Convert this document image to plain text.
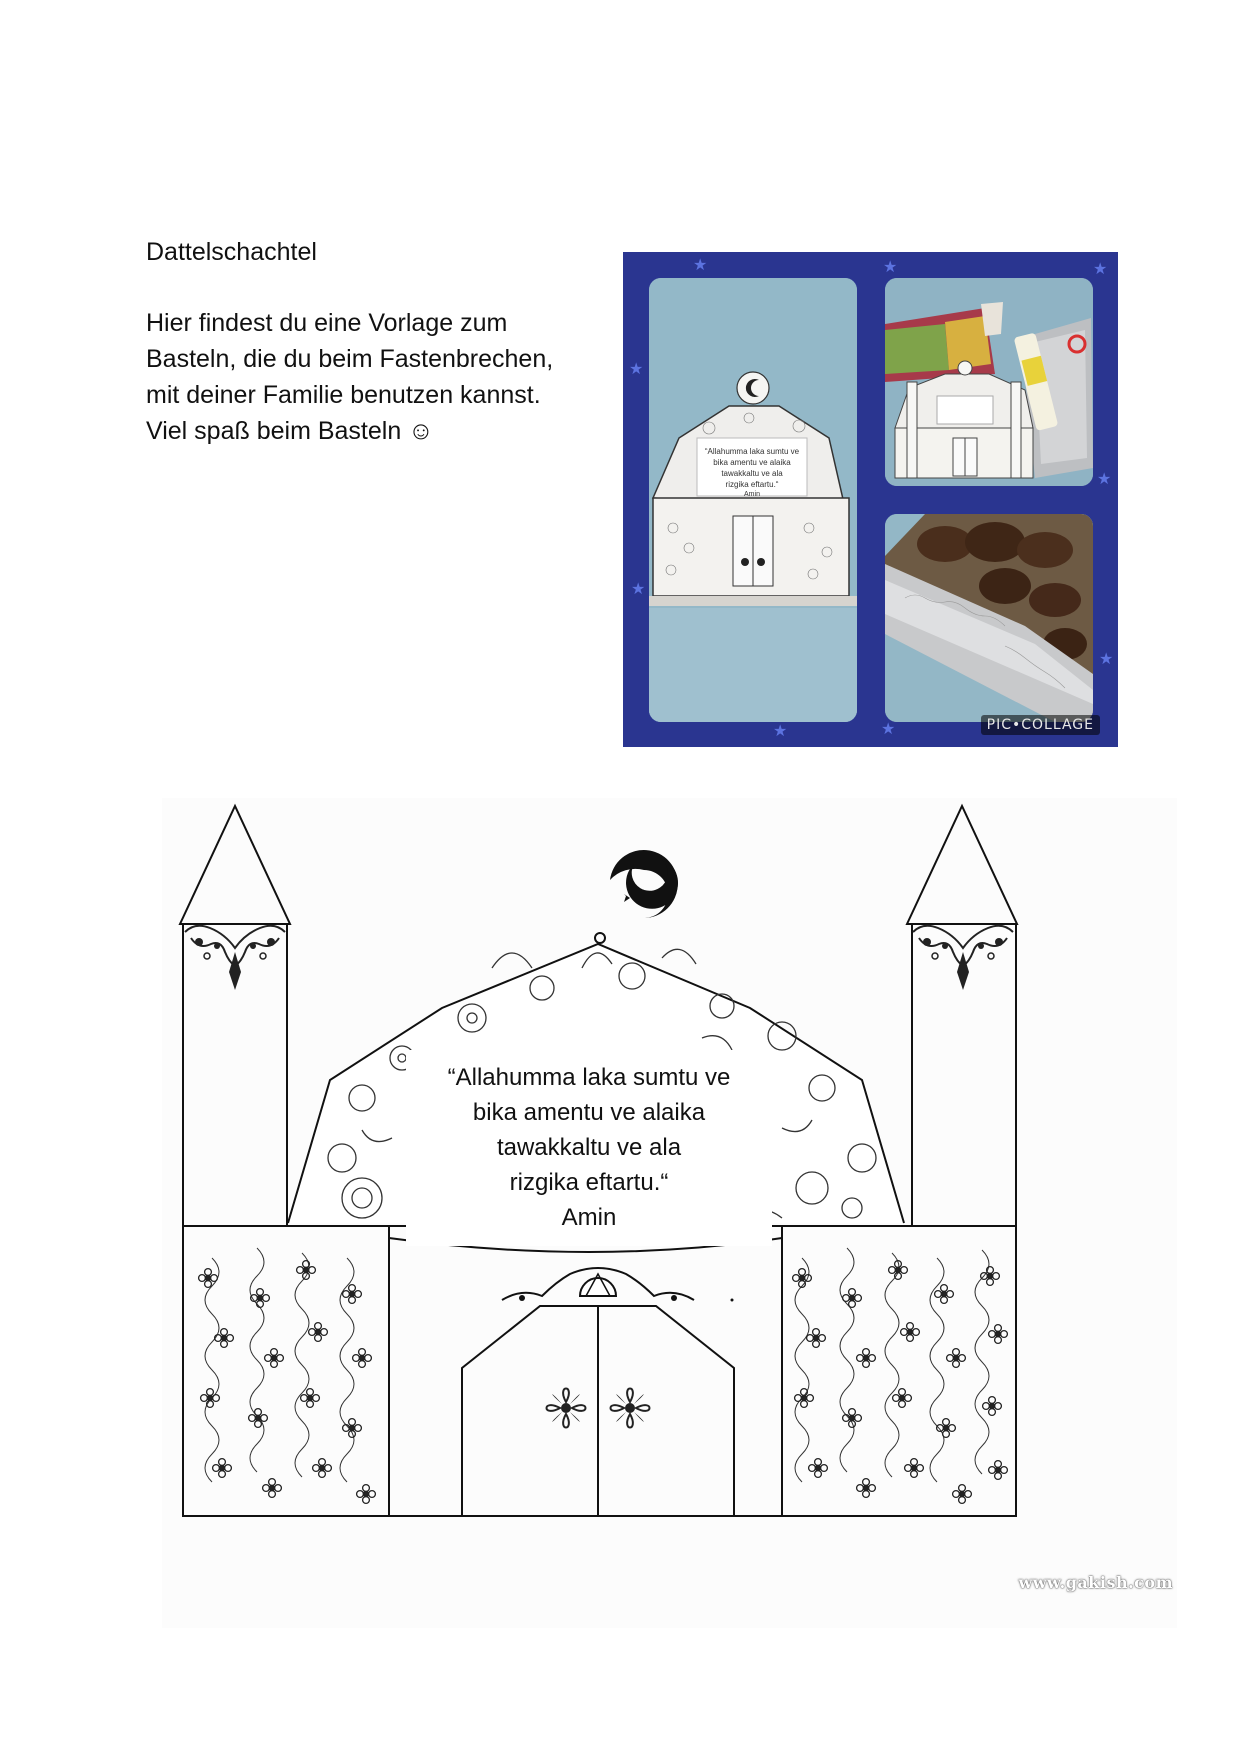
Dattelschachtel

Hier findest du eine Vorlage zum

Basteln, die du beim Fastenbrechen,

mit deiner Familie benutzen kannst.

Viel spaß beim Basteln ☺

★	★	★
★
★
★
★
★	★
“Allahumma laka sumtu ve
bika amentu ve alaika
tawakkaltu ve ala
rizgika eftartu.“
Amin
PIC•COLLAGE
“Allahumma laka sumtu ve
bika amentu ve alaika
tawakkaltu ve ala
rizgika eftartu.“
Amin
www.gakish.com
